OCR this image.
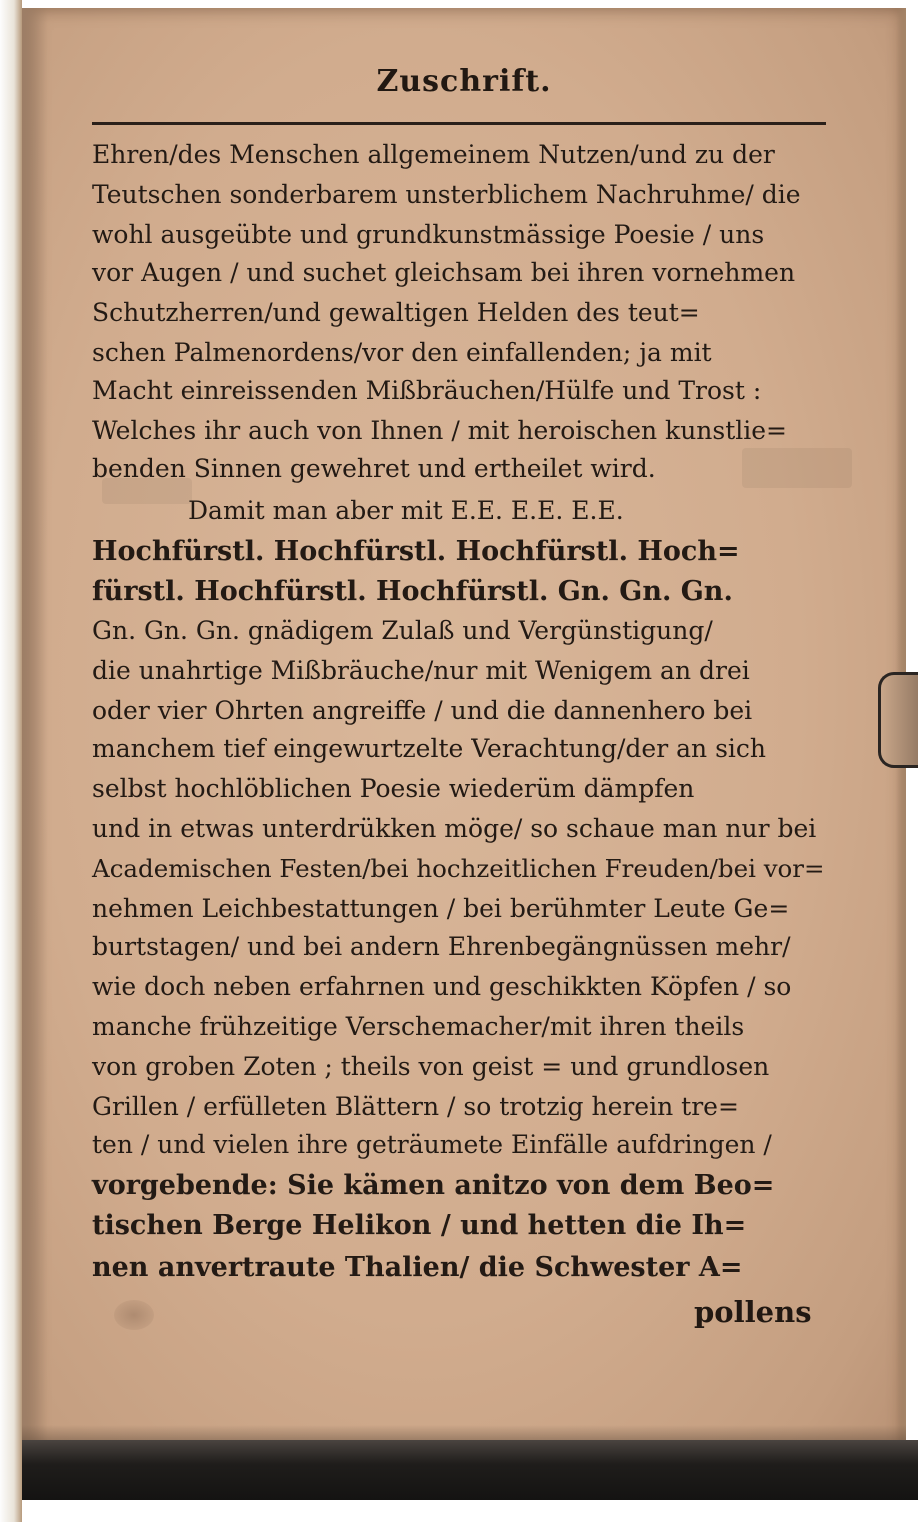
Zuschrift.
Ehren/des Menschen allgemeinem Nutzen/und zu der
Teutschen sonderbarem unsterblichem Nachruhme/ die
wohl ausgeübte und grundkunstmässige Poesie / uns
vor Augen / und suchet gleichsam bei ihren vornehmen
Schutzherren/und gewaltigen Helden des teut=
schen Palmenordens/vor den einfallenden; ja mit
Macht einreissenden Mißbräuchen/Hülfe und Trost :
Welches ihr auch von Ihnen / mit heroischen kunstlie=
benden Sinnen gewehret und ertheilet wird.
Damit man aber mit E.E. E.E. E.E.
Hochfürstl. Hochfürstl. Hochfürstl. Hoch=
fürstl. Hochfürstl. Hochfürstl. Gn. Gn. Gn.
Gn. Gn. Gn. gnädigem Zulaß und Vergünstigung/
die unahrtige Mißbräuche/nur mit Wenigem an drei
oder vier Ohrten angreiffe / und die dannenhero bei
manchem tief eingewurtzelte Verachtung/der an sich
selbst hochlöblichen Poesie wiederüm dämpfen
und in etwas unterdrükken möge/ so schaue man nur bei
Academischen Festen/bei hochzeitlichen Freuden/bei vor=
nehmen Leichbestattungen / bei berühmter Leute Ge=
burtstagen/ und bei andern Ehrenbegängnüssen mehr/
wie doch neben erfahrnen und geschikkten Köpfen / so
manche frühzeitige Verschemacher/mit ihren theils
von groben Zoten ; theils von geist = und grundlosen
Grillen / erfülleten Blättern / so trotzig herein tre=
ten / und vielen ihre geträumete Einfälle aufdringen /
vorgebende: Sie kämen anitzo von dem Beo=
tischen Berge Helikon / und hetten die Ih=
nen anvertraute Thalien/ die Schwester A=
pollens
